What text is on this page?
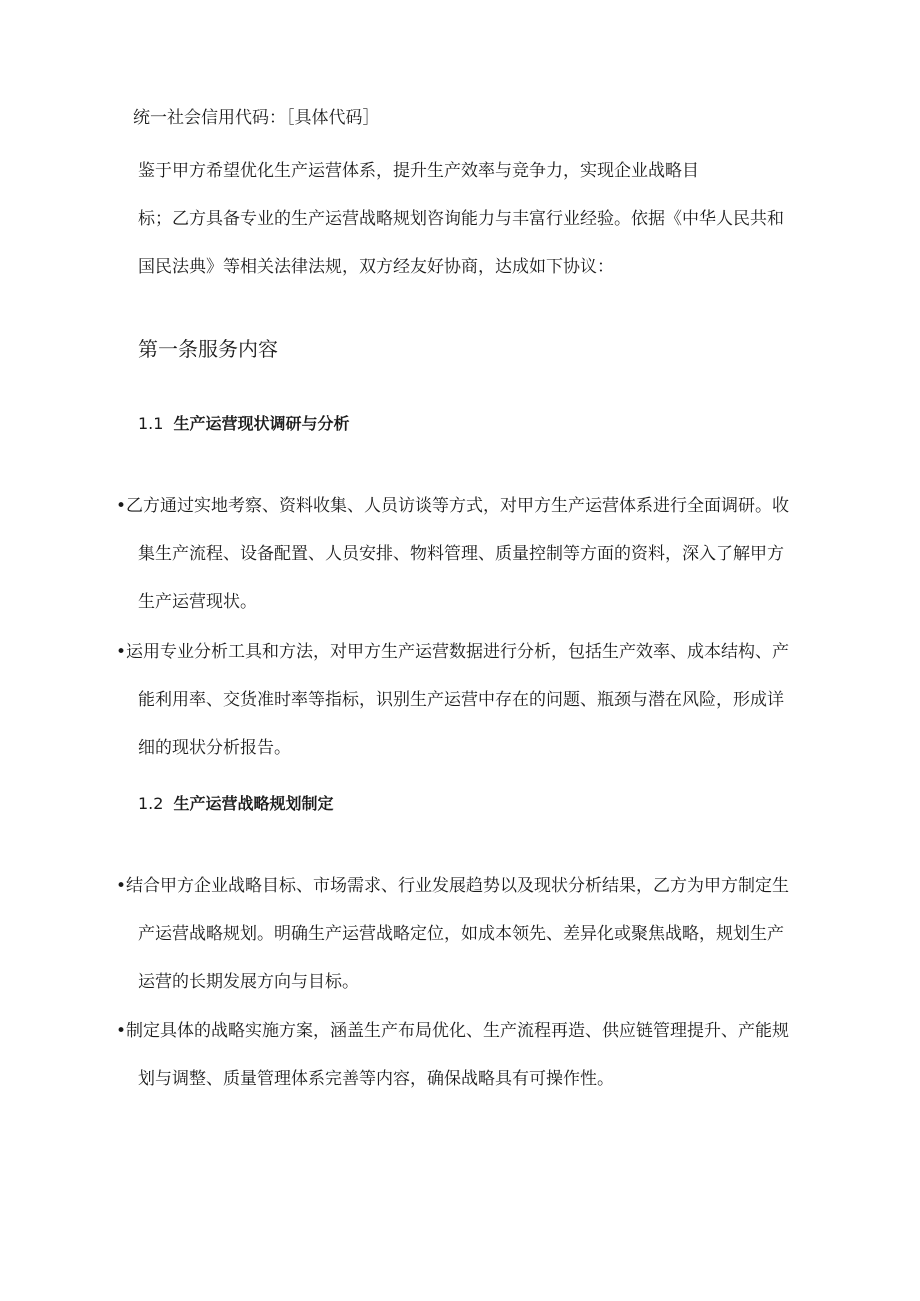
统一社会信用代码：［具体代码］
鉴于甲方希望优化生产运营体系，提升生产效率与竞争力，实现企业战略目
标；乙方具备专业的生产运营战略规划咨询能力与丰富行业经验。依据《中华人民共和
国民法典》等相关法律法规，双方经友好协商，达成如下协议：
第一条服务内容
1.1 生产运营现状调研与分析
•乙方通过实地考察、资料收集、人员访谈等方式，对甲方生产运营体系进行全面调研。收
集生产流程、设备配置、人员安排、物料管理、质量控制等方面的资料，深入了解甲方
生产运营现状。
•运用专业分析工具和方法，对甲方生产运营数据进行分析，包括生产效率、成本结构、产
能利用率、交货准时率等指标，识别生产运营中存在的问题、瓶颈与潜在风险，形成详
细的现状分析报告。
1.2 生产运营战略规划制定
•结合甲方企业战略目标、市场需求、行业发展趋势以及现状分析结果，乙方为甲方制定生
产运营战略规划。明确生产运营战略定位，如成本领先、差异化或聚焦战略，规划生产
运营的长期发展方向与目标。
•制定具体的战略实施方案，涵盖生产布局优化、生产流程再造、供应链管理提升、产能规
划与调整、质量管理体系完善等内容，确保战略具有可操作性。
